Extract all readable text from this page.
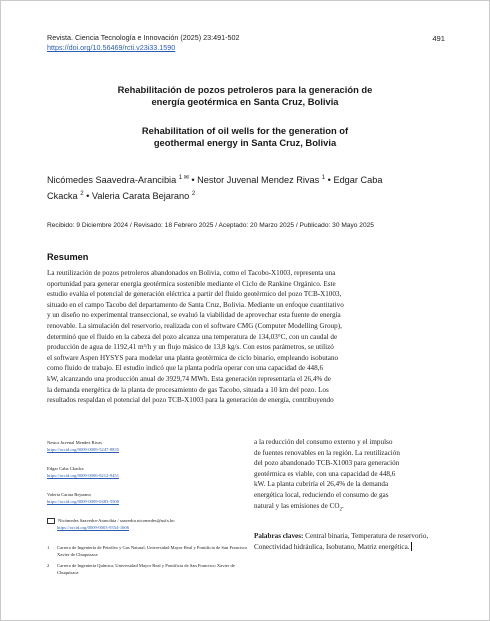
Revista. Ciencia Tecnología e Innovación (2025) 23:491-502
https://doi.org/10.56469/rcti.v23i33.1590
491
Rehabilitación de pozos petroleros para la generación de
energía geotérmica en Santa Cruz, Bolivia
Rehabilitation of oil wells for the generation of
geothermal energy in Santa Cruz, Bolivia
Nicómedes Saavedra-Arancibia $^{1 ✉}$ • Nestor Juvenal Mendez Rivas $^1$ • Edgar Caba
Ckacka $^2$ • Valeria Carata Bejarano $^2$
Recibido: 9 Diciembre 2024 / Revisado: 18 Febrero 2025 / Aceptado: 20 Marzo 2025 / Publicado: 30 Mayo 2025
Resumen
La reutilización de pozos petroleros abandonados en Bolivia, como el Tacobo-X1003, representa una
oportunidad para generar energía geotérmica sostenible mediante el Ciclo de Rankine Orgánico. Este
estudio evalúa el potencial de generación eléctrica a partir del fluido geotérmico del pozo TCB-X1003,
situado en el campo Tacobo del departamento de Santa Cruz, Bolivia. Mediante un enfoque cuantitativo
y un diseño no experimental transeccional, se evaluó la viabilidad de aprovechar esta fuente de energía
renovable. La simulación del reservorio, realizada con el software CMG (Computer Modelling Group),
determinó que el fluido en la cabeza del pozo alcanza una temperatura de 134,03°C, con un caudal de
producción de agua de 1192,41 m³/h y un flujo másico de 13,8 kg/s. Con estos parámetros, se utilizó
el software Aspen HYSYS para modelar una planta geotérmica de ciclo binario, empleando isobutano
como fluido de trabajo. El estudio indicó que la planta podría operar con una capacidad de 448,6
kW, alcanzando una producción anual de 3929,74 MWh. Esta generación representaría el 26,4% de
la demanda energética de la planta de procesamiento de gas Tacobo, situada a 10 km del pozo. Los
resultados respaldan el potencial del pozo TCB-X1003 para la generación de energía, contribuyendo
a la reducción del consumo externo y el impulso
de fuentes renovables en la región. La reutilización
del pozo abandonado TCB-X1003 para generación
geotérmica es viable, con una capacidad de 448,6
kW. La planta cubriría el 26,4% de la demanda
energética local, reduciendo el consumo de gas
natural y las emisiones de $CO_2$.
Palabras claves: Central binaria, Temperatura de reservorio, Conectividad hidráulica, Isobutano, Matriz energética.
Nestor Juvenal Mendez Rivas
https://orcid.org/0009-0009-5247-8835
Edgar Caba Ckacka
https://orcid.org/0009-0006-9212-9451
Valeria Carata Bejarano
https://orcid.org/0009-0009-0483-5500
Nicómedes Saavedra-Arancibia / saavedra.nicomedes@usfx.bo
https://orcid.org/0009-0003-9354-1606
1 Carrera de Ingeniería de Petróleo y Gas Natural, Universidad Mayor Real y Pontificia de San Francisco Xavier de Chuquisaca
2 Carrera de Ingeniería Química, Universidad Mayor Real y Pontificia de San Francisco Xavier de Chuquisaca
